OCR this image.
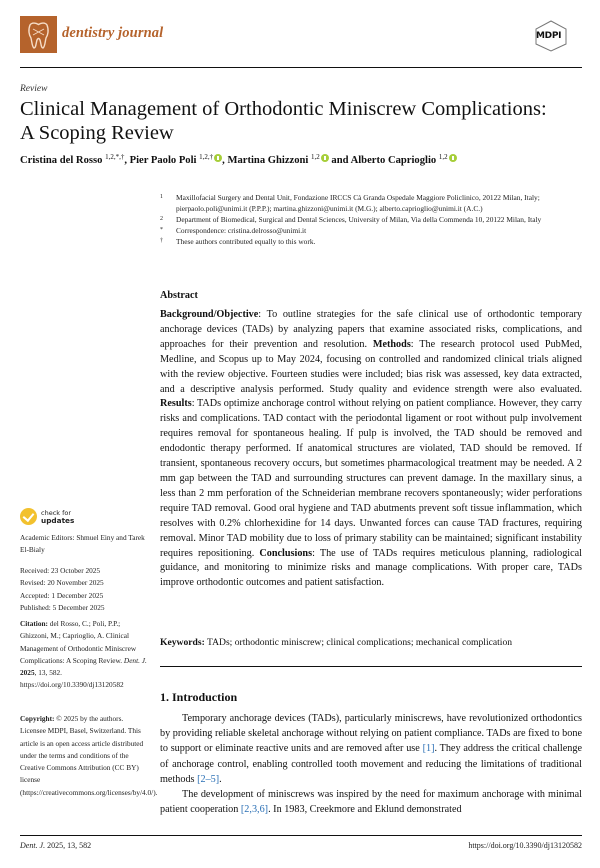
dentistry journal	MDPI
Review
Clinical Management of Orthodontic Miniscrew Complications:
A Scoping Review
Cristina del Rosso $^{1,2,*,\dagger}$, Pier Paolo Poli $^{1,2,\dagger}$ , Martina Ghizzoni $^{1,2}$ and Alberto Caprioglio $^{1,2}$
1	Maxillofacial Surgery and Dental Unit, Fondazione IRCCS Cà Granda Ospedale Maggiore Policlinico, 20122 Milan, Italy; pierpaolo.poli@unimi.it (P.P.P.); martina.ghizzoni@unimi.it (M.G.); alberto.caprioglio@unimi.it (A.C.)
2	Department of Biomedical, Surgical and Dental Sciences, University of Milan, Via della Commenda 10, 20122 Milan, Italy
*	Correspondence: cristina.delrosso@unimi.it
†	These authors contributed equally to this work.
Abstract
Background/Objective: To outline strategies for the safe clinical use of orthodontic temporary anchorage devices (TADs) by analyzing papers that examine associated risks, complications, and approaches for their prevention and resolution. Methods: The research protocol used PubMed, Medline, and Scopus up to May 2024, focusing on controlled and randomized clinical trials aligned with the review objective. Fourteen studies were included; bias risk was assessed, key data extracted, and a descriptive analysis performed. Study quality and evidence strength were also evaluated. Results: TADs optimize anchorage control without relying on patient compliance. However, they carry risks and complications. TAD contact with the periodontal ligament or root without pulp involvement requires removal for spontaneous healing. If pulp is involved, the TAD should be removed and endodontic therapy performed. If anatomical structures are violated, TAD should be removed. If transient, spontaneous recovery occurs, but sometimes pharmacological treatment may be needed. A 2 mm gap between the TAD and surrounding structures can prevent damage. In the maxillary sinus, a less than 2 mm perforation of the Schneiderian membrane recovers spontaneously; wider perforations require TAD removal. Good oral hygiene and TAD abutments prevent soft tissue inflammation, which resolves with 0.2% chlorhexidine for 14 days. Unwanted forces can cause TAD fractures, requiring removal. Minor TAD mobility due to loss of primary stability can be maintained; significant instability requires repositioning. Conclusions: The use of TADs requires meticulous planning, radiological guidance, and monitoring to minimize risks and manage complications. With proper care, TADs improve orthodontic outcomes and patient satisfaction.
Keywords: TADs; orthodontic miniscrew; clinical complications; mechanical complication
1. Introduction

Temporary anchorage devices (TADs), particularly miniscrews, have revolutionized orthodontics by providing reliable skeletal anchorage without relying on patient compliance. TADs are fixed to bone to support or eliminate reactive units and are removed after use [1]. They address the critical challenge of anchorage control, enabling controlled tooth movement and reducing the limitations of traditional methods [2–5].

The development of miniscrews was inspired by the need for maximum anchorage with minimal patient cooperation [2,3,6]. In 1983, Creekmore and Eklund demonstrated

check for
updates
Academic Editors: Shmuel Einy and Tarek El-Bialy
Received: 23 October 2025
Revised: 20 November 2025
Accepted: 1 December 2025
Published: 5 December 2025
Citation: del Rosso, C.; Poli, P.P.; Ghizzoni, M.; Caprioglio, A. Clinical Management of Orthodontic Miniscrew Complications: A Scoping Review. Dent. J. 2025, 13, 582. https://doi.org/10.3390/dj13120582
Copyright: © 2025 by the authors. Licensee MDPI, Basel, Switzerland. This article is an open access article distributed under the terms and conditions of the Creative Commons Attribution (CC BY) license (https://creativecommons.org/licenses/by/4.0/).
Dent. J. 2025, 13, 582	https://doi.org/10.3390/dj13120582
